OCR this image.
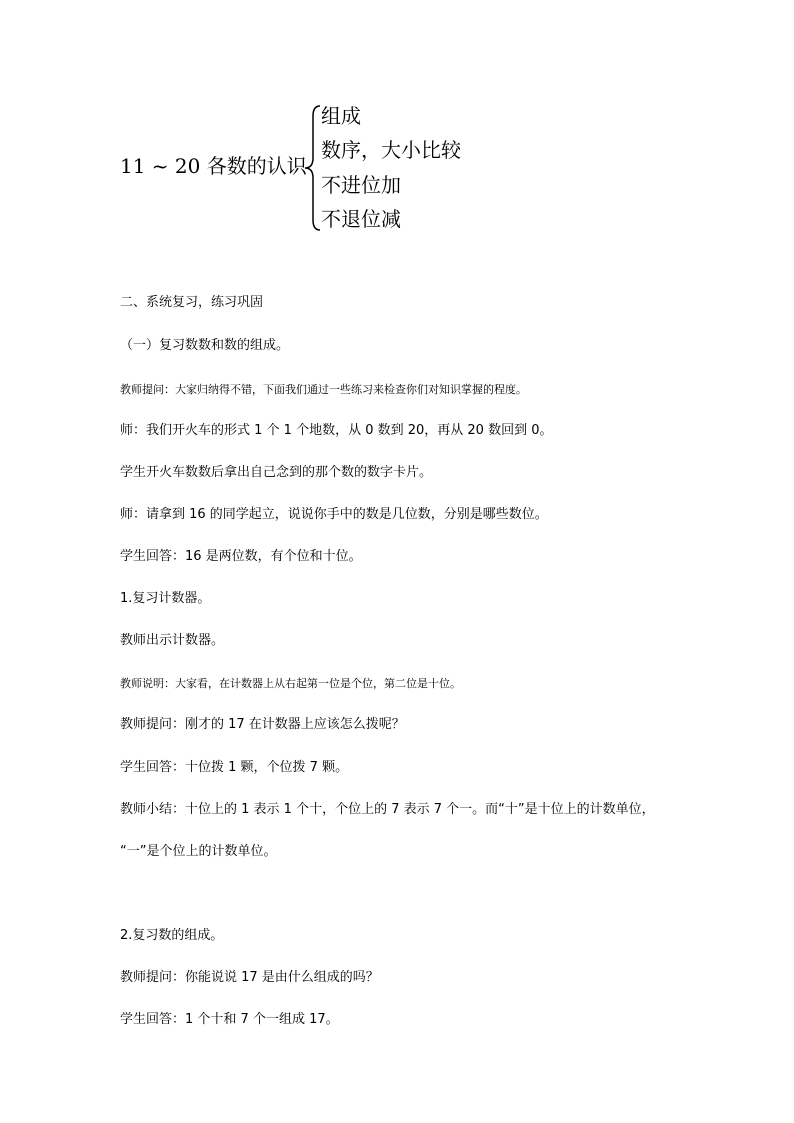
11 ~ 20 各数的认识
组成
数序，大小比较
不进位加
不退位减
二、系统复习，练习巩固
（一）复习数数和数的组成。
教师提问：大家归纳得不错，下面我们通过一些练习来检查你们对知识掌握的程度。
师：我们开火车的形式 1 个 1 个地数，从 0 数到 20，再从 20 数回到 0。
学生开火车数数后拿出自己念到的那个数的数字卡片。
师：请拿到 16 的同学起立，说说你手中的数是几位数，分别是哪些数位。
学生回答：16 是两位数，有个位和十位。
1.复习计数器。
教师出示计数器。
教师说明：大家看，在计数器上从右起第一位是个位，第二位是十位。
教师提问：刚才的 17 在计数器上应该怎么拨呢？
学生回答：十位拨 1 颗，个位拨 7 颗。
教师小结：十位上的 1 表示 1 个十，个位上的 7 表示 7 个一。而“十”是十位上的计数单位，
“一”是个位上的计数单位。
2.复习数的组成。
教师提问：你能说说 17 是由什么组成的吗？
学生回答：1 个十和 7 个一组成 17。
